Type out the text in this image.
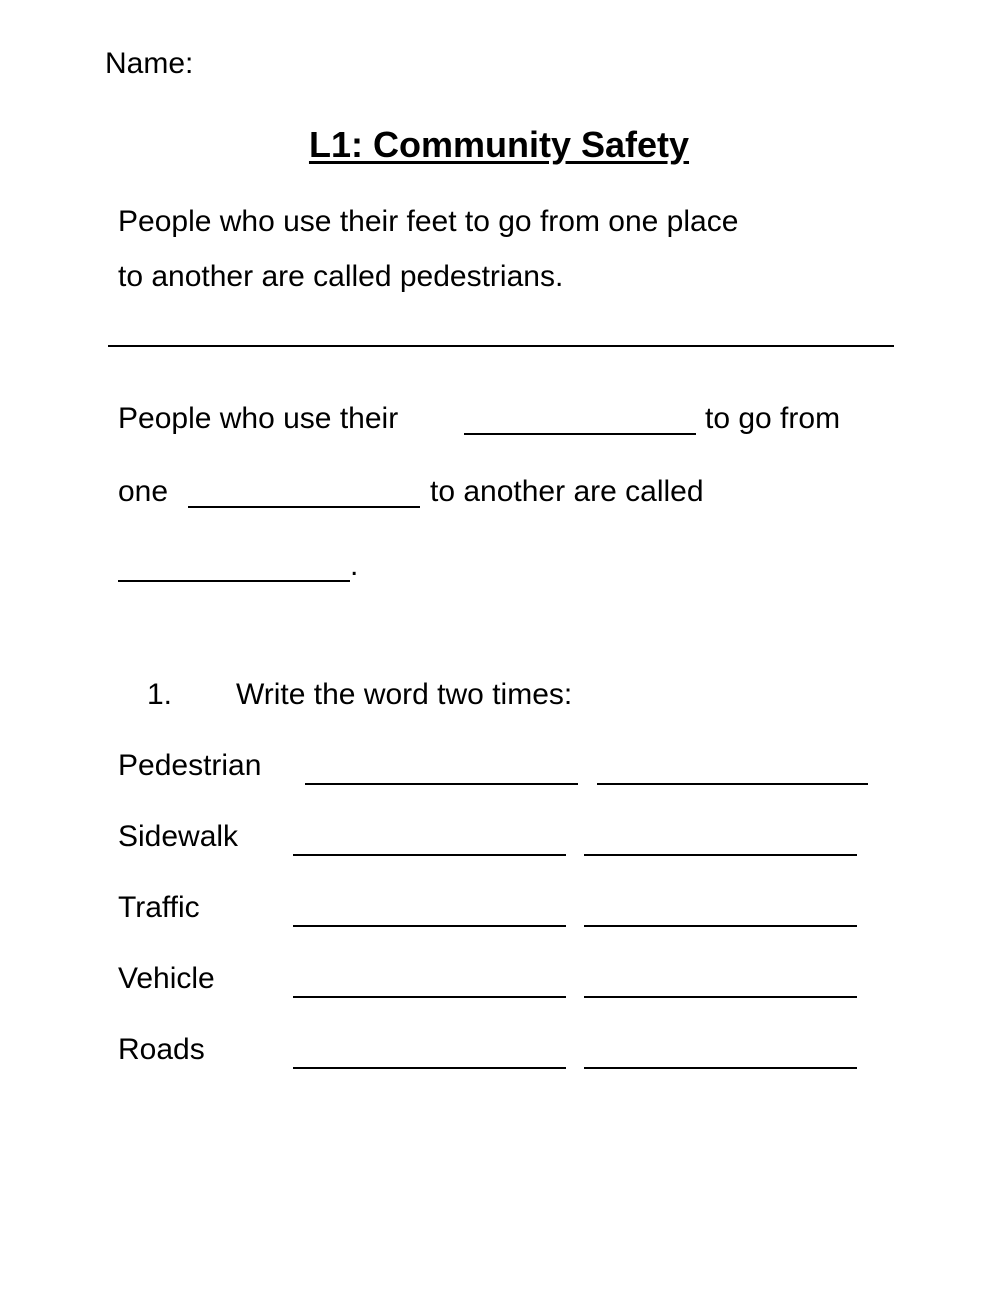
Name:
L1: Community Safety
People who use their feet to go from one place
to another are called pedestrians.
People who use their	to go from
one	to another are called
.
1. Write the word two times:
Pedestrian
Sidewalk
Traffic
Vehicle
Roads
